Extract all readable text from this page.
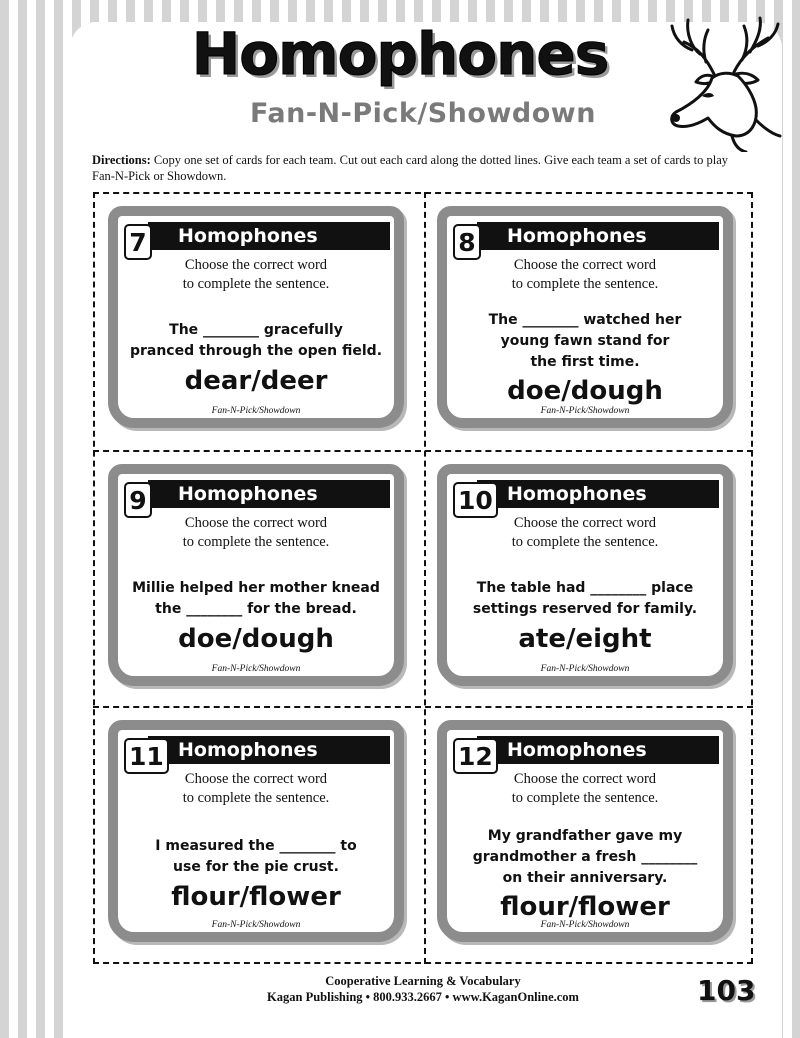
Homophones
Fan-N-Pick/Showdown
Directions: Copy one set of cards for each team. Cut out each card along the dotted lines. Give each team a set of cards to play Fan-N-Pick or Showdown.
7	Homophones
Choose the correct word
to complete the sentence.
The ________ gracefully
pranced through the open field.
dear/deer
Fan-N-Pick/Showdown
8	Homophones
Choose the correct word
to complete the sentence.
The ________ watched her
young fawn stand for
the first time.
doe/dough
Fan-N-Pick/Showdown
9	Homophones
Choose the correct word
to complete the sentence.
Millie helped her mother knead
the ________ for the bread.
doe/dough
Fan-N-Pick/Showdown
10 Homophones
Choose the correct word
to complete the sentence.
The table had ________ place
settings reserved for family.
ate/eight
Fan-N-Pick/Showdown
11 Homophones
Choose the correct word
to complete the sentence.
I measured the ________ to
use for the pie crust.
flour/flower
Fan-N-Pick/Showdown
12 Homophones
Choose the correct word
to complete the sentence.
My grandfather gave my
grandmother a fresh ________
on their anniversary.
flour/flower
Fan-N-Pick/Showdown
Cooperative Learning & Vocabulary
Kagan Publishing • 800.933.2667 • www.KaganOnline.com	103
